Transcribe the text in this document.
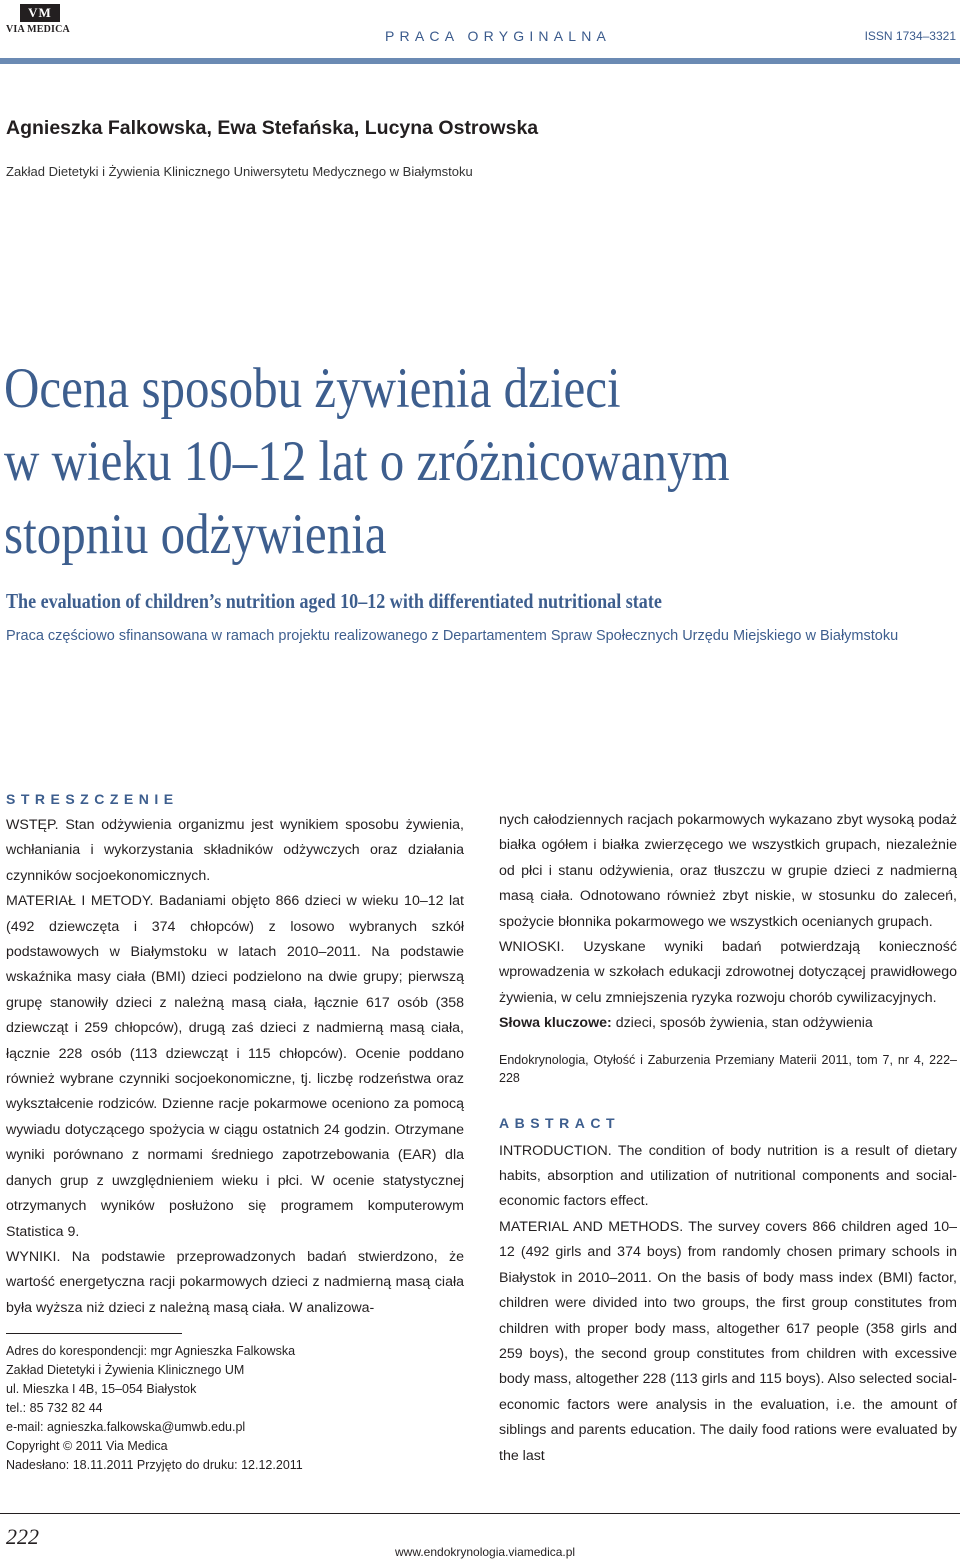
VM
VIA MEDICA	PRACA ORYGINALNA	ISSN 1734–3321
Agnieszka Falkowska, Ewa Stefańska, Lucyna Ostrowska
Zakład Dietetyki i Żywienia Klinicznego Uniwersytetu Medycznego w Białymstoku
Ocena sposobu żywienia dzieci
w wieku 10–12 lat o zróżnicowanym
stopniu odżywienia
The evaluation of children’s nutrition aged 10–12 with differentiated nutritional state
Praca częściowo sfinansowana w ramach projektu realizowanego z Departamentem Spraw Społecznych Urzędu Miejskiego w Białymstoku
STRESZCZENIE

WSTĘP. Stan odżywienia organizmu jest wynikiem sposobu żywienia, wchłaniania i wykorzystania składników odżywczych oraz działania czynników socjoekonomicznych.

MATERIAŁ I METODY. Badaniami objęto 866 dzieci w wieku 10–12 lat (492 dziewczęta i 374 chłopców) z losowo wybranych szkół podstawowych w Białymstoku w latach 2010–2011. Na podstawie wskaźnika masy ciała (BMI) dzieci podzielono na dwie grupy; pierwszą grupę stanowiły dzieci z należną masą ciała, łącznie 617 osób (358 dziewcząt i 259 chłopców), drugą zaś dzieci z nadmierną masą ciała, łącznie 228 osób (113 dziewcząt i 115 chłopców). Ocenie poddano również wybrane czynniki socjoekonomiczne, tj. liczbę rodzeństwa oraz wykształcenie rodziców. Dzienne racje pokarmowe oceniono za pomocą wywiadu dotyczącego spożycia w ciągu ostatnich 24 godzin. Otrzymane wyniki porównano z normami średniego zapotrzebowania (EAR) dla danych grup z uwzględnieniem wieku i płci. W ocenie statystycznej otrzymanych wyników posłużono się programem komputerowym Statistica 9.

WYNIKI. Na podstawie przeprowadzonych badań stwierdzono, że wartość energetyczna racji pokarmowych dzieci z nadmierną masą ciała była wyższa niż dzieci z należną masą ciała. W analizowa-

Adres do korespondencji: mgr Agnieszka Falkowska
Zakład Dietetyki i Żywienia Klinicznego UM
ul. Mieszka I 4B, 15–054 Białystok
tel.: 85 732 82 44
e-mail: agnieszka.falkowska@umwb.edu.pl
Copyright © 2011 Via Medica
Nadesłano: 18.11.2011 Przyjęto do druku: 12.12.2011

nych całodziennych racjach pokarmowych wykazano zbyt wysoką podaż białka ogółem i białka zwierzęcego we wszystkich grupach, niezależnie od płci i stanu odżywienia, oraz tłuszczu w grupie dzieci z nadmierną masą ciała. Odnotowano również zbyt niskie, w stosunku do zaleceń, spożycie błonnika pokarmowego we wszystkich ocenianych grupach.

WNIOSKI. Uzyskane wyniki badań potwierdzają konieczność wprowadzenia w szkołach edukacji zdrowotnej dotyczącej prawidłowego żywienia, w celu zmniejszenia ryzyka rozwoju chorób cywilizacyjnych.

Słowa kluczowe: dzieci, sposób żywienia, stan odżywienia

Endokrynologia, Otyłość i Zaburzenia Przemiany Materii 2011, tom 7, nr 4, 222–228

ABSTRACT

INTRODUCTION. The condition of body nutrition is a result of dietary habits, absorption and utilization of nutritional components and social-economic factors effect.

MATERIAL AND METHODS. The survey covers 866 children aged 10–12 (492 girls and 374 boys) from randomly chosen primary schools in Białystok in 2010–2011. On the basis of body mass index (BMI) factor, children were divided into two groups, the first group constitutes from children with proper body mass, altogether 617 people (358 girls and 259 boys), the second group constitutes from children with excessive body mass, altogether 228 (113 girls and 115 boys). Also selected social-economic factors were analysis in the evaluation, i.e. the amount of siblings and parents education. The daily food rations were evaluated by the last

222
www.endokrynologia.viamedica.pl
